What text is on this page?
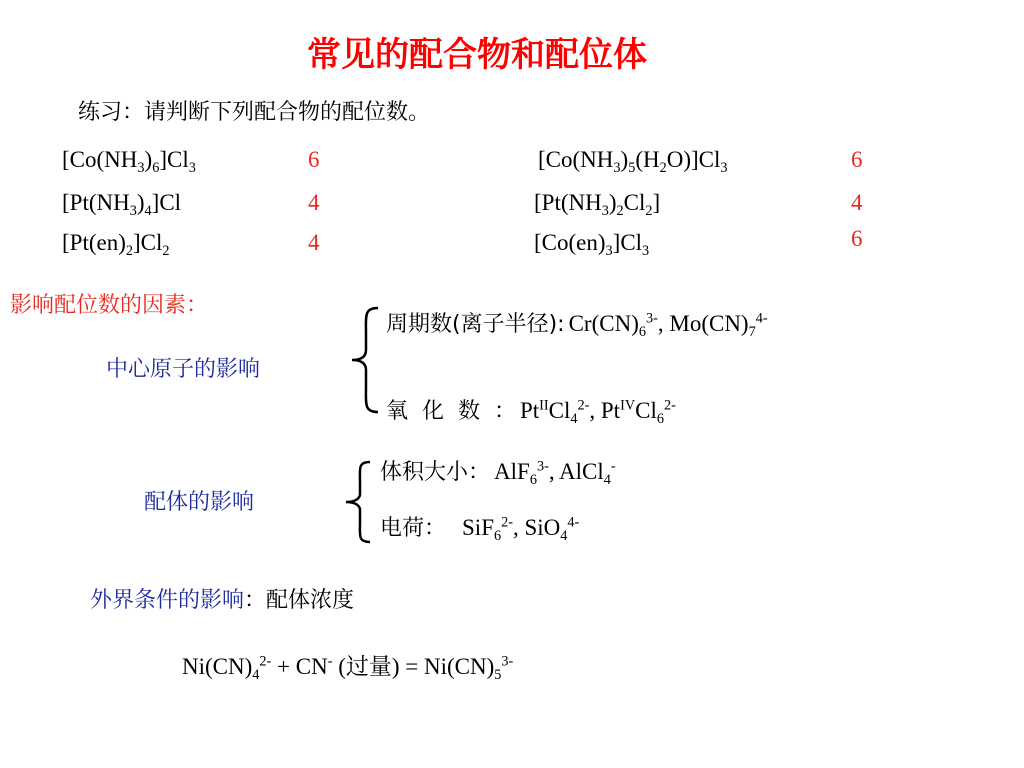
常见的配合物和配位体
练习：请判断下列配合物的配位数。
$[Co(NH_3)_6]Cl_3$	6
$[Pt(NH_3)_4]Cl$	4
$[Pt(en)_2]Cl_2$	4
$[Co(NH_3)_5(H_2O)]Cl_3$	6
$[Pt(NH_3)_2Cl_2]$	4
$[Co(en)_3]Cl_3$	6
影响配位数的因素：
中心原子的影响
周期数(离子半径): $Cr(CN)_6^{3-}$, $Mo(CN)_7^{4-}$
氧  化  数  ： $Pt^{II}Cl_4^{2-}$, $Pt^{IV}Cl_6^{2-}$
配体的影响
体积大小： AlF$_6^{3-}$, AlCl$_4$-
电荷： SiF$_6^{2-}$, SiO$_4^{4-}$
外界条件的影响：配体浓度
$Ni(CN)_4^{2-} + CN^-$ (过量) = $Ni(CN)_5^{3-}$
